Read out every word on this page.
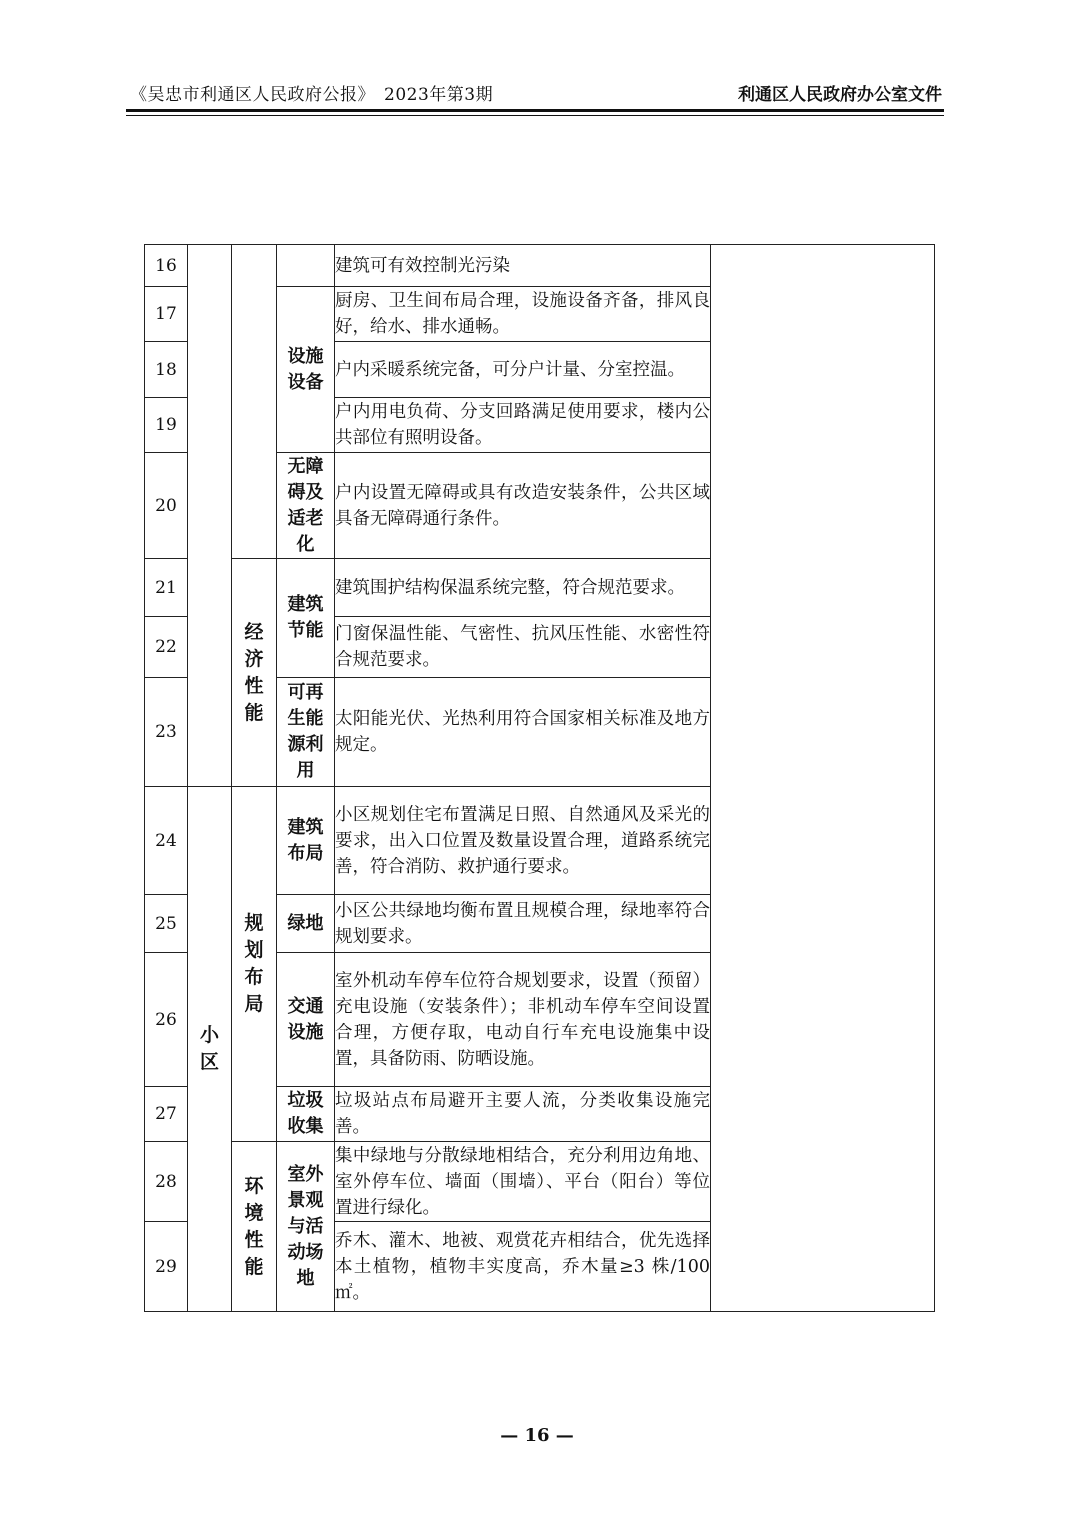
《吴忠市利通区人民政府公报》　2023年第3期	利通区人民政府办公室文件
16				建筑可有效控制光污染	
17			设施设备	厨房、卫生间布局合理，设施设备齐备，排风良好，给水、排水通畅。	
18				户内采暖系统完备，可分户计量、分室控温。	
19				户内用电负荷、分支回路满足使用要求，楼内公共部位有照明设备。	
20			无障碍及适老化	户内设置无障碍或具有改造安装条件，公共区域具备无障碍通行条件。	
21		经济性能	建筑节能	建筑围护结构保温系统完整，符合规范要求。	
22				门窗保温性能、气密性、抗风压性能、水密性符合规范要求。	
23			可再生能源利用	太阳能光伏、光热利用符合国家相关标准及地方规定。	
24	小区	规划布局	建筑布局	小区规划住宅布置满足日照、自然通风及采光的要求，出入口位置及数量设置合理，道路系统完善，符合消防、救护通行要求。	
25			绿地	小区公共绿地均衡布置且规模合理，绿地率符合规划要求。	
26			交通设施	室外机动车停车位符合规划要求，设置（预留）充电设施（安装条件）；非机动车停车空间设置合理，方便存取，电动自行车充电设施集中设置，具备防雨、防晒设施。	
27			垃圾收集	垃圾站点布局避开主要人流，分类收集设施完善。	
28		环境性能	室外景观与活动场地	集中绿地与分散绿地相结合，充分利用边角地、室外停车位、墙面（围墙）、平台（阳台）等位置进行绿化。	
29				乔木、灌木、地被、观赏花卉相结合，优先选择本土植物，植物丰实度高，乔木量≥3 株/100 ㎡。	
— 16 —
